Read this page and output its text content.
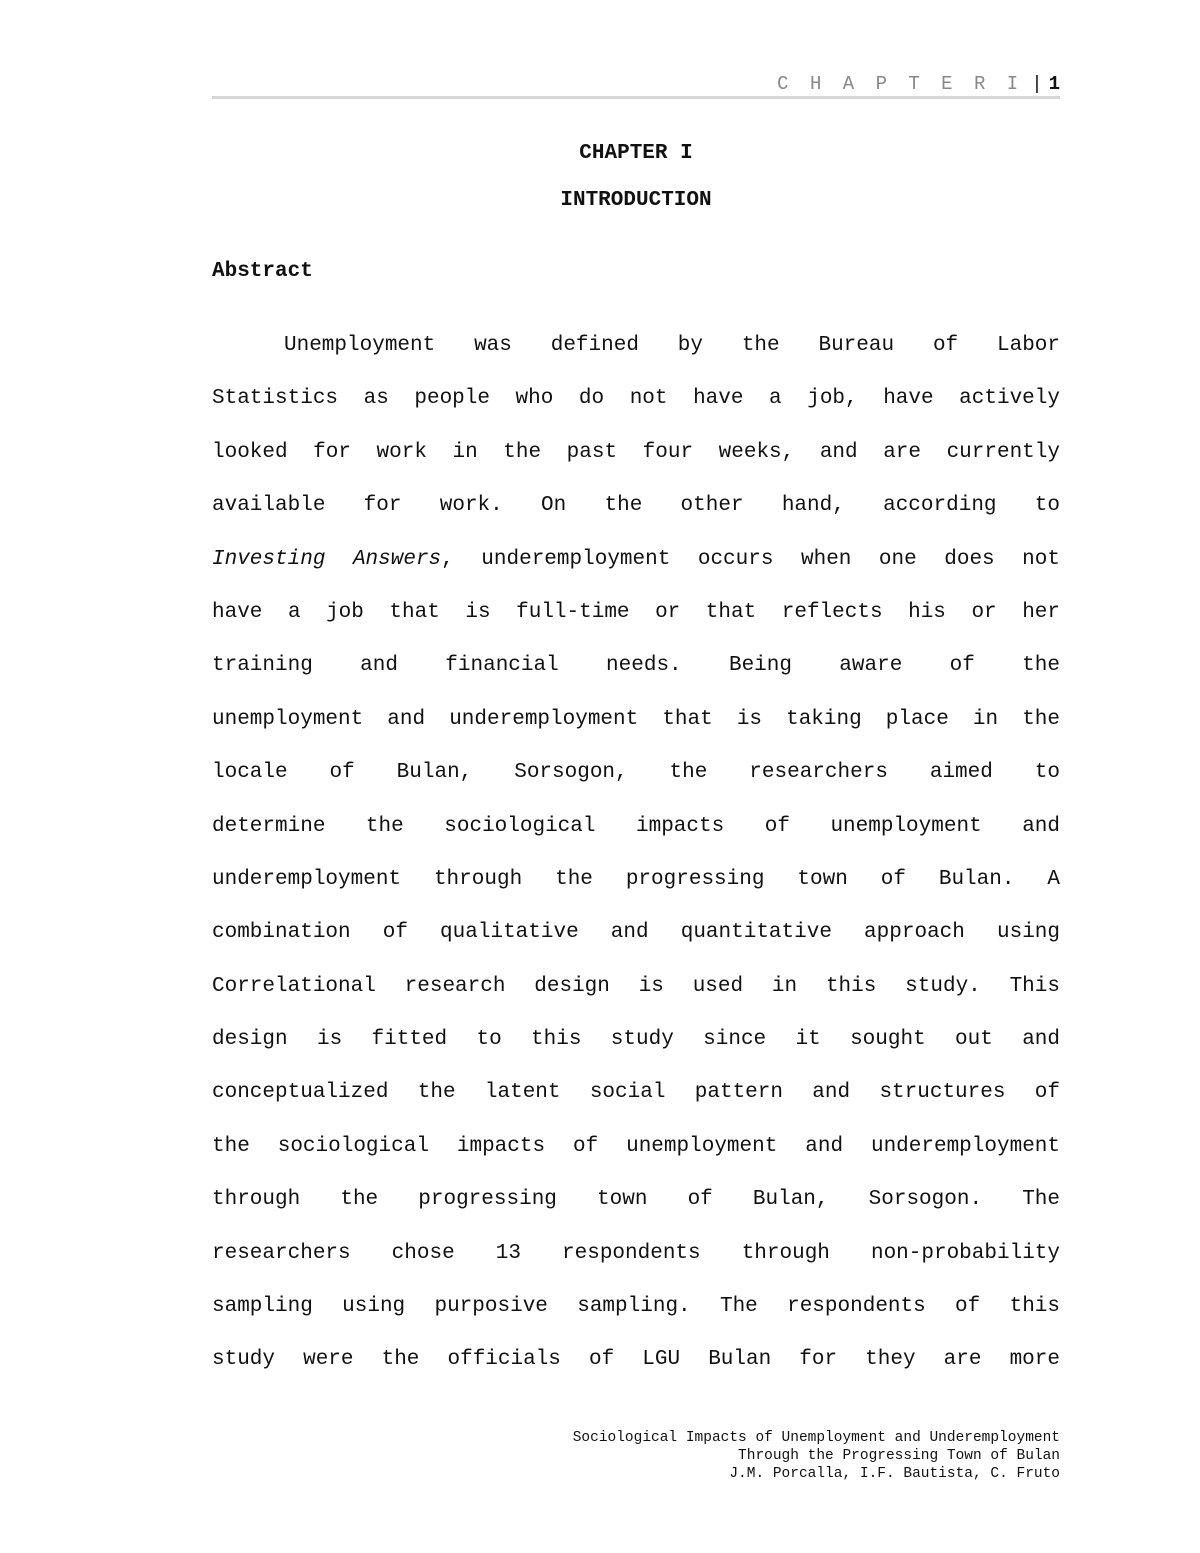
C H A P T E R I | 1
CHAPTER I
INTRODUCTION
Abstract
Unemployment was defined by the Bureau of Labor
Statistics as people who do not have a job, have actively
looked for work in the past four weeks, and are currently
available for work. On the other hand, according to
Investing Answers, underemployment occurs when one does not
have a job that is full-time or that reflects his or her
training and financial needs. Being aware of the
unemployment and underemployment that is taking place in the
locale of Bulan, Sorsogon, the researchers aimed to
determine the sociological impacts of unemployment and
underemployment through the progressing town of Bulan. A
combination of qualitative and quantitative approach using
Correlational research design is used in this study. This
design is fitted to this study since it sought out and
conceptualized the latent social pattern and structures of
the sociological impacts of unemployment and underemployment
through the progressing town of Bulan, Sorsogon. The
researchers chose 13 respondents through non-probability
sampling using purposive sampling. The respondents of this
study were the officials of LGU Bulan for they are more
Sociological Impacts of Unemployment and Underemployment
Through the Progressing Town of Bulan
J.M. Porcalla, I.F. Bautista, C. Fruto
